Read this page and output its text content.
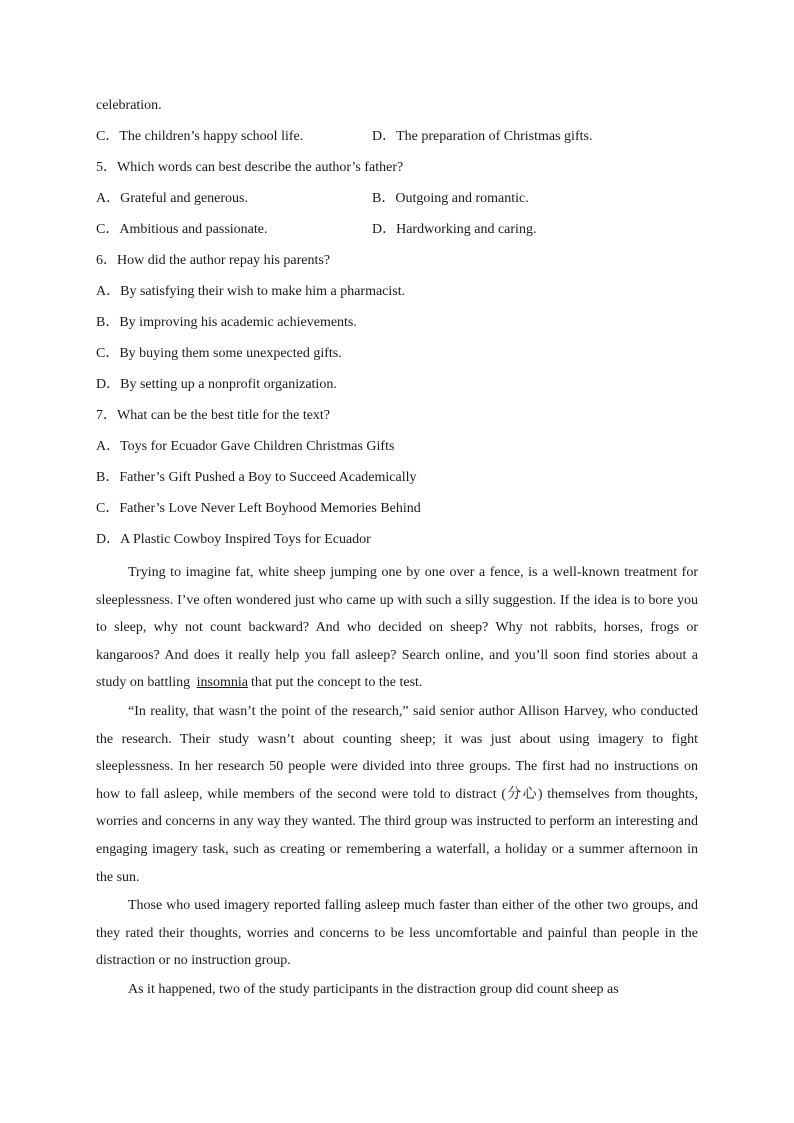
celebration.
C．The children’s happy school life.	D．The preparation of Christmas gifts.
5．Which words can best describe the author’s father?
A．Grateful and generous.	B．Outgoing and romantic.
C．Ambitious and passionate.	D．Hardworking and caring.
6．How did the author repay his parents?
A．By satisfying their wish to make him a pharmacist.
B．By improving his academic achievements.
C．By buying them some unexpected gifts.
D．By setting up a nonprofit organization.
7．What can be the best title for the text?
A．Toys for Ecuador Gave Children Christmas Gifts
B．Father’s Gift Pushed a Boy to Succeed Academically
C．Father’s Love Never Left Boyhood Memories Behind
D．A Plastic Cowboy Inspired Toys for Ecuador

Trying to imagine fat, white sheep jumping one by one over a fence, is a well-known treatment for sleeplessness. I’ve often wondered just who came up with such a silly suggestion. If the idea is to bore you to sleep, why not count backward? And who decided on sheep? Why not rabbits, horses, frogs or kangaroos? And does it really help you fall asleep? Search online, and you’ll soon find stories about a study on battling insomnia that put the concept to the test.

“In reality, that wasn’t the point of the research,” said senior author Allison Harvey, who conducted the research. Their study wasn’t about counting sheep; it was just about using imagery to fight sleeplessness. In her research 50 people were divided into three groups. The first had no instructions on how to fall asleep, while members of the second were told to distract (分心) themselves from thoughts, worries and concerns in any way they wanted. The third group was instructed to perform an interesting and engaging imagery task, such as creating or remembering a waterfall, a holiday or a summer afternoon in the sun.

Those who used imagery reported falling asleep much faster than either of the other two groups, and they rated their thoughts, worries and concerns to be less uncomfortable and painful than people in the distraction or no instruction group.

As it happened, two of the study participants in the distraction group did count sheep as
